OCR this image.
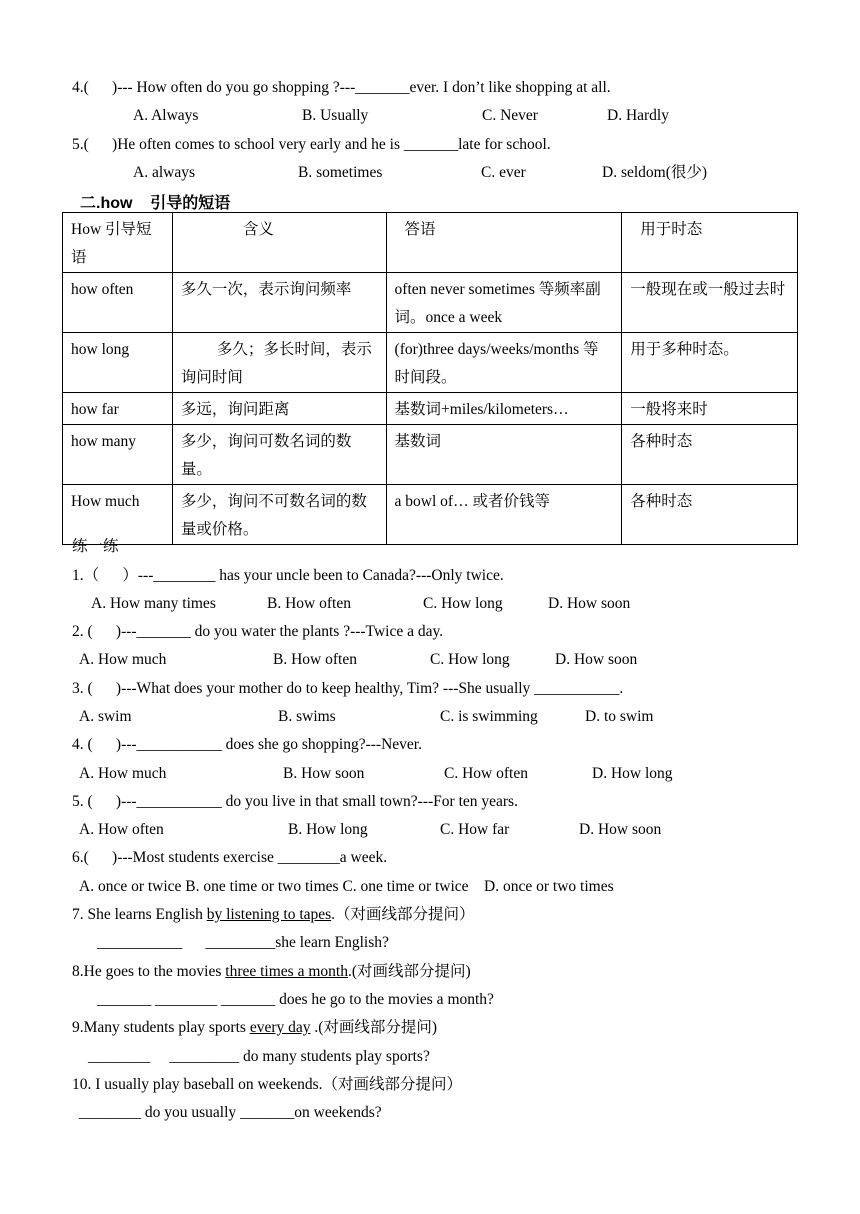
4.(      )--- How often do you go shopping ?---_______ever. I don’t like shopping at all.
A. Always	B. Usually	C. Never	D. Hardly
5.(      )He often comes to school very early and he is _______late for school.
A. always	B. sometimes	C. ever	D. seldom(很少)
二.how    引导的短语
How 引导短语	含义	答语	用于时态
how often	多久一次，表示询问频率	often never sometimes 等频率副词。once a week	一般现在或一般过去时
how long	多久；多长时间，表示询问时间	(for)three days/weeks/months 等时间段。	用于多种时态。
how far	多远，询问距离	基数词+miles/kilometers…	一般将来时
how many	多少，询问可数名词的数量。	基数词	各种时态
How much	多少，询问不可数名词的数量或价格。	a bowl of… 或者价钱等	各种时态
练一练
1.（      ）---________ has your uncle been to Canada?---Only twice.
A. How many times	B. How often	C. How long	D. How soon
2. (      )---_______ do you water the plants ?---Twice a day.
A. How much	B. How often	C. How long	D. How soon
3. (      )---What does your mother do to keep healthy, Tim? ---She usually ___________.
A. swim	B. swims	C. is swimming	D. to swim
4. (      )---___________ does she go shopping?---Never.
A. How much	B. How soon	C. How often	D. How long
5. (      )---___________ do you live in that small town?---For ten years.
A. How often	B. How long	C. How far	D. How soon
6.(      )---Most students exercise ________a week.
A. once or twice B. one time or two times C. one time or twice    D. once or two times
7. She learns English by listening to tapes.（对画线部分提问）
___________      _________she learn English?
8.He goes to the movies three times a month.(对画线部分提问)
_______ ________ _______ does he go to the movies a month?
9.Many students play sports every day .(对画线部分提问)
________     _________ do many students play sports?
10. I usually play baseball on weekends.（对画线部分提问）
________ do you usually _______on weekends?
